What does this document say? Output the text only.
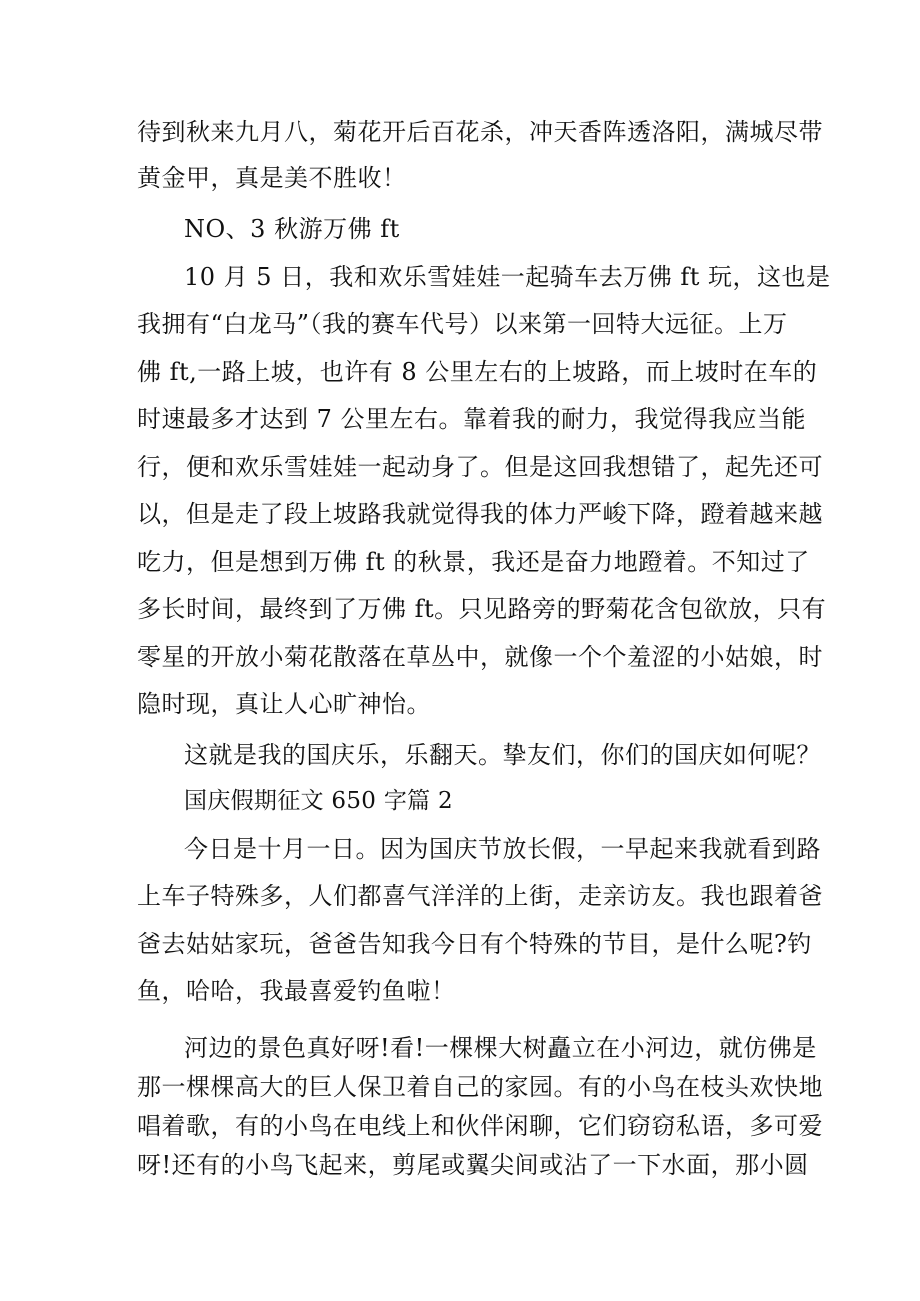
待到秋来九月八，菊花开后百花杀，冲天香阵透洛阳，满城尽带
黄金甲，真是美不胜收！
NO、3 秋游万佛 ft
10 月 5 日，我和欢乐雪娃娃一起骑车去万佛 ft 玩，这也是
我拥有“白龙马”（我的赛车代号）以来第一回特大远征。上万
佛 ft,一路上坡，也许有 8 公里左右的上坡路，而上坡时在车的
时速最多才达到 7 公里左右。靠着我的耐力，我觉得我应当能
行，便和欢乐雪娃娃一起动身了。但是这回我想错了，起先还可
以，但是走了段上坡路我就觉得我的体力严峻下降，蹬着越来越
吃力，但是想到万佛 ft 的秋景，我还是奋力地蹬着。不知过了
多长时间，最终到了万佛 ft。只见路旁的野菊花含包欲放，只有
零星的开放小菊花散落在草丛中，就像一个个羞涩的小姑娘，时
隐时现，真让人心旷神怡。
这就是我的国庆乐，乐翻天。挚友们，你们的国庆如何呢？
国庆假期征文 650 字篇 2
今日是十月一日。因为国庆节放长假，一早起来我就看到路
上车子特殊多，人们都喜气洋洋的上街，走亲访友。我也跟着爸
爸去姑姑家玩，爸爸告知我今日有个特殊的节目，是什么呢?钓
鱼，哈哈，我最喜爱钓鱼啦！
河边的景色真好呀!看!一棵棵大树矗立在小河边，就仿佛是
那一棵棵高大的巨人保卫着自己的家园。有的小鸟在枝头欢快地
唱着歌，有的小鸟在电线上和伙伴闲聊，它们窃窃私语，多可爱
呀!还有的小鸟飞起来，剪尾或翼尖间或沾了一下水面，那小圆
